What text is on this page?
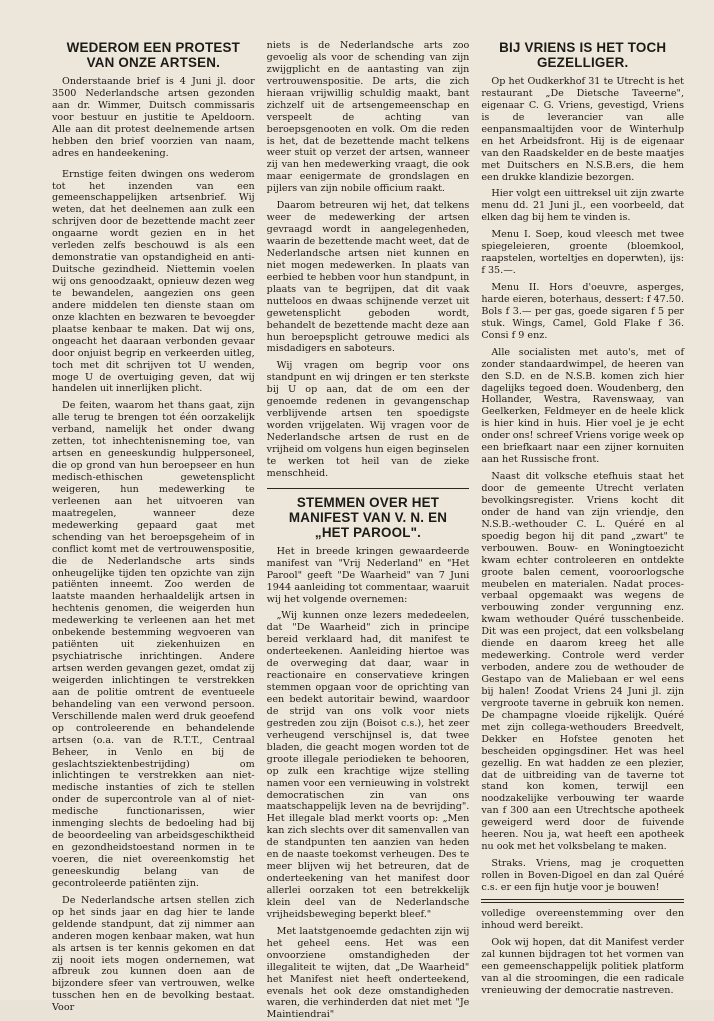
WEDEROM EEN PROTEST
VAN ONZE ARTSEN.

Onderstaande brief is 4 Juni jl. door 3500 Nederlandsche artsen gezonden aan dr. Wimmer, Duitsch commissaris voor bestuur en justitie te Apeldoorn. Alle aan dit protest deelnemende artsen hebben den brief voorzien van naam, adres en handeekening.

Ernstige feiten dwingen ons wederom tot het inzenden van een gemeenschappelijken artsenbrief. Wij weten, dat het deelnemen aan zulk een schrijven door de bezettende macht zeer ongaarne wordt gezien en in het verleden zelfs beschouwd is als een demonstratie van opstandigheid en anti-Duitsche gezindheid. Niettemin voelen wij ons genoodzaakt, opnieuw dezen weg te bewandelen, aangezien ons geen andere middelen ten dienste staan om onze klachten en bezwaren te bevoegder plaatse kenbaar te maken. Dat wij ons, ongeacht het daaraan verbonden gevaar door onjuist begrip en verkeerden uitleg, toch met dit schrijven tot U wenden, moge U de overtuiging geven, dat wij handelen uit innerlijken plicht.

De feiten, waarom het thans gaat, zijn alle terug te brengen tot één oorzakelijk verband, namelijk het onder dwang zetten, tot inhechtenisneming toe, van artsen en geneeskundig hulppersoneel, die op grond van hun beroepseer en hun medisch-ethischen gewetensplicht weigeren, hun medewerking te verleenen aan het uitvoeren van maatregelen, wanneer deze medewerking gepaard gaat met schending van het beroepsgeheim of in conflict komt met de vertrouwenspositie, die de Nederlandsche arts sinds onheugelijke tijden ten opzichte van zijn patiënten inneemt. Zoo werden de laatste maanden herhaaldelijk artsen in hechtenis genomen, die weigerden hun medewerking te verleenen aan het met onbekende bestemming wegvoeren van patiënten uit ziekenhuizen en psychiatrische inrichtingen. Andere artsen werden gevangen gezet, omdat zij weigerden inlichtingen te verstrekken aan de politie omtrent de eventueele behandeling van een verwond persoon. Verschillende malen werd druk geoefend op controleerende en behandelende artsen (o.a. van de R.T.T., Centraal Beheer, in Venlo en bij de geslachtsziektenbestrijding) om inlichtingen te verstrekken aan niet-medische instanties of zich te stellen onder de supercontrole van al of niet-medische functionarissen, wier inmenging slechts de bedoeling had bij de beoordeeling van arbeidsgeschiktheid en gezondheidstoestand normen in te voeren, die niet overeenkomstig het geneeskundig belang van de gecontroleerde patiënten zijn.

De Nederlandsche artsen stellen zich op het sinds jaar en dag hier te lande geldende standpunt, dat zij nimmer aan anderen mogen kenbaar maken, wat hun als artsen is ter kennis gekomen en dat zij nooit iets mogen ondernemen, wat afbreuk zou kunnen doen aan de bijzondere sfeer van vertrouwen, welke tusschen hen en de bevolking bestaat. Voor

niets is de Nederlandsche arts zoo gevoelig als voor de schending van zijn zwijgplicht en de aantasting van zijn vertrouwenspositie. De arts, die zich hieraan vrijwillig schuldig maakt, bant zichzelf uit de artsengemeenschap en verspeelt de achting van beroepsgenooten en volk. Om die reden is het, dat de bezettende macht telkens weer stuit op verzet der artsen, wanneer zij van hen medewerking vraagt, die ook maar eenigermate de grondslagen en pijlers van zijn nobile officium raakt.

Daarom betreuren wij het, dat telkens weer de medewerking der artsen gevraagd wordt in aangelegenheden, waarin de bezettende macht weet, dat de Nederlandsche artsen niet kunnen en niet mogen medewerken. In plaats van eerbied te hebben voor hun standpunt, in plaats van te begrijpen, dat dit vaak nutteloos en dwaas schijnende verzet uit gewetensplicht geboden wordt, behandelt de bezettende macht deze aan hun beroepsplicht getrouwe medici als misdadigers en saboteurs.

Wij vragen om begrip voor ons standpunt en wij dringen er ten sterkste bij U op aan, dat de om een der genoemde redenen in gevangenschap verblijvende artsen ten spoedigste worden vrijgelaten. Wij vragen voor de Nederlandsche artsen de rust en de vrijheid om volgens hun eigen beginselen te werken tot heil van de zieke menschheid.

STEMMEN OVER HET
MANIFEST VAN V. N. EN
„HET PAROOL".

Het in breede kringen gewaardeerde manifest van "Vrij Nederland" en "Het Parool" geeft "De Waarheid" van 7 Juni 1944 aanleiding tot commentaar, waaruit wij het volgende overnemen:

„Wij kunnen onze lezers mededeelen, dat "De Waarheid" zich in principe bereid verklaard had, dit manifest te onderteekenen. Aanleiding hiertoe was de overweging dat daar, waar in reactionaire en conservatieve kringen stemmen opgaan voor de oprichting van een bedekt autoritair bewind, waardoor de strijd van ons volk voor niets gestreden zou zijn (Boisot c.s.), het zeer verheugend verschijnsel is, dat twee bladen, die geacht mogen worden tot de groote illegale periodieken te behooren, op zulk een krachtige wijze stelling namen voor een vernieuwing in volstrekt democratischen zin van ons maatschappelijk leven na de bevrijding". Het illegale blad merkt voorts op: „Men kan zich slechts over dit samenvallen van de standpunten ten aanzien van heden en de naaste toekomst verheugen. Des te meer blijven wij het betreuren, dat de onderteekening van het manifest door allerlei oorzaken tot een betrekkelijk klein deel van de Nederlandsche vrijheidsbeweging beperkt bleef."

Met laatstgenoemde gedachten zijn wij het geheel eens. Het was een onvoorziene omstandigheden der illegaliteit te wijten, dat „De Waarheid" het Manifest niet heeft onderteekend, evenals het ook deze omstandigheden waren, die verhinderden dat niet met "Je Maintiendrai"

BIJ VRIENS IS HET TOCH
GEZELLIGER.

Op het Oudkerkhof 31 te Utrecht is het restaurant „De Dietsche Taveerne", eigenaar C. G. Vriens, gevestigd, Vriens is de leverancier van alle eenpansmaaltijden voor de Winterhulp en het Arbeidsfront. Hij is de eigenaar van den Raadskelder en de beste maatjes met Duitschers en N.S.B.ers, die hem een drukke klandizie bezorgen.

Hier volgt een uittreksel uit zijn zwarte menu dd. 21 Juni jl., een voorbeeld, dat elken dag bij hem te vinden is.

Menu I. Soep, koud vleesch met twee spiegeleieren, groente (bloemkool, raapstelen, worteltjes en doperwten), ijs: f 35.—.

Menu II. Hors d'oeuvre, asperges, harde eieren, boterhaus, dessert: f 47.50. Bols f 3.— per gas, goede sigaren f 5 per stuk. Wings, Camel, Gold Flake f 36. Consi f 9 enz.

Alle socialisten met auto's, met of zonder standaardwimpel, de heeren van den S.D. en de N.S.B. komen zich hier dagelijks tegoed doen. Woudenberg, den Hollander, Westra, Ravenswaay, van Geelkerken, Feldmeyer en de heele klick is hier kind in huis. Hier voel je je echt onder ons! schreef Vriens vorige week op een briefkaart naar een zijner kornuiten aan het Russische front.

Naast dit volksche etefhuis staat het door de gemeente Utrecht verlaten bevolkingsregister. Vriens kocht dit onder de hand van zijn vriendje, den N.S.B.-wethouder C. L. Quéré en al spoedig begon hij dit pand „zwart" te verbouwen. Bouw- en Woningtoezicht kwam echter controleeren en ontdekte groote balen cement, vooroorlogsche meubelen en materialen. Nadat proces-verbaal opgemaakt was wegens de verbouwing zonder vergunning enz. kwam wethouder Quéré tusschenbeide. Dit was een project, dat een volksbelang diende en daarom kreeg het alle medewerking. Controle werd verder verboden, andere zou de wethouder de Gestapo van de Maliebaan er wel eens bij halen! Zoodat Vriens 24 Juni jl. zijn vergroote taverne in gebruik kon nemen. De champagne vloeide rijkelijk. Quéré met zijn collega-wethouders Breedvelt, Dekker en Hofstee genoten het bescheiden opgingsdiner. Het was heel gezellig. En wat hadden ze een plezier, dat de uitbreiding van de taverne tot stand kon komen, terwijl een noodzakelijke verbouwing ter waarde van f 300 aan een Utrechtsche apotheek geweigerd werd door de fuivende heeren. Nou ja, wat heeft een apotheek nu ook met het volksbelang te maken.

Straks. Vriens, mag je croquetten rollen in Boven-Digoel en dan zal Quéré c.s. er een fijn hutje voor je bouwen!

volledige overeenstemming over den inhoud werd bereikt.

Ook wij hopen, dat dit Manifest verder zal kunnen bijdragen tot het vormen van een gemeenschappelijk politiek platform van al die stroomingen, die een radicale vrenieuwing der democratie nastreven.
